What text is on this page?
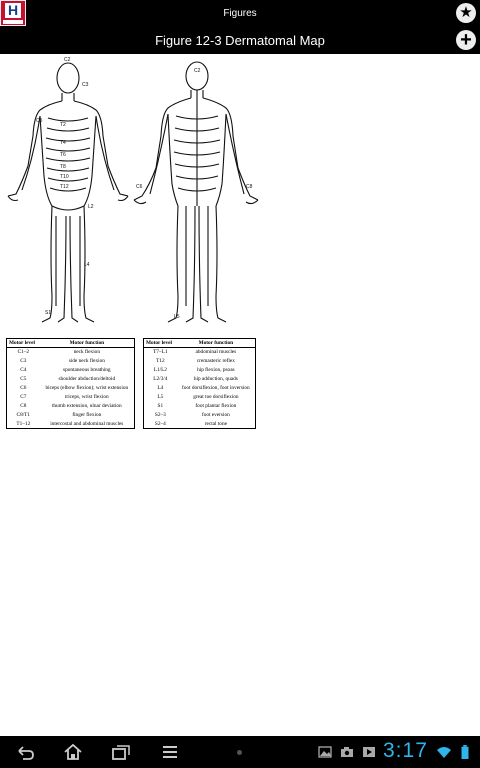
H	Figures	★
Figure 12-3 Dermatomal Map	+
C2
C3
C5
T2
T4
T6
T8
T10
T12
L2
L4
S1
C2
C6	C8
L5
Motor level	Motor function
C1–2	neck flexion
C3	side neck flexion
C4	spontaneous breathing
C5	shoulder abduction/deltoid
C6	biceps (elbow flexion); wrist extension
C7	triceps, wrist flexion
C8	thumb extension, ulnar deviation
C8/T1	finger flexion
T1–12	intercostal and abdominal muscles
Motor level	Motor function
T7–L1	abdominal muscles
T12	cremasteric reflex
L1/L2	hip flexion, psoas
L2/3/4	hip adduction, quads
L4	foot dorsiflexion, foot inversion
L5	great toe dorsiflexion
S1	foot plantar flexion
S2–3	foot eversion
S2–4	rectal tone
3:17
